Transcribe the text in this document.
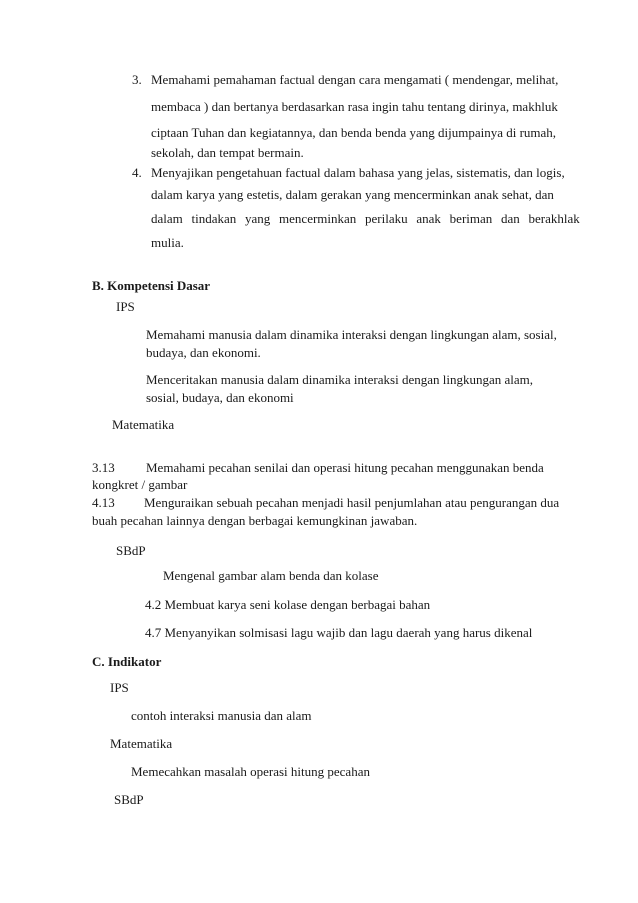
3. Memahami pemahaman factual dengan cara mengamati ( mendengar, melihat,
membaca ) dan bertanya berdasarkan rasa ingin tahu tentang dirinya, makhluk
ciptaan Tuhan dan kegiatannya, dan benda benda yang dijumpainya di rumah,
sekolah, dan tempat bermain.
4. Menyajikan pengetahuan factual dalam bahasa yang jelas, sistematis, dan logis,
dalam karya yang estetis, dalam gerakan yang mencerminkan anak sehat, dan
dalam tindakan yang mencerminkan perilaku anak beriman dan berakhlak
mulia.
B. Kompetensi Dasar
IPS
Memahami manusia dalam dinamika interaksi dengan lingkungan alam, sosial,
budaya, dan ekonomi.
Menceritakan manusia dalam dinamika interaksi dengan lingkungan alam,
sosial, budaya, dan ekonomi
Matematika
3.13 Memahami pecahan senilai dan operasi hitung pecahan menggunakan benda
kongkret / gambar
4.13 Menguraikan sebuah pecahan menjadi hasil penjumlahan atau pengurangan dua
buah pecahan lainnya dengan berbagai kemungkinan jawaban.
SBdP
Mengenal gambar alam benda dan kolase
4.2 Membuat karya seni kolase dengan berbagai bahan
4.7 Menyanyikan solmisasi lagu wajib dan lagu daerah yang harus dikenal
C. Indikator
IPS
contoh interaksi manusia dan alam
Matematika
Memecahkan masalah operasi hitung pecahan
SBdP
